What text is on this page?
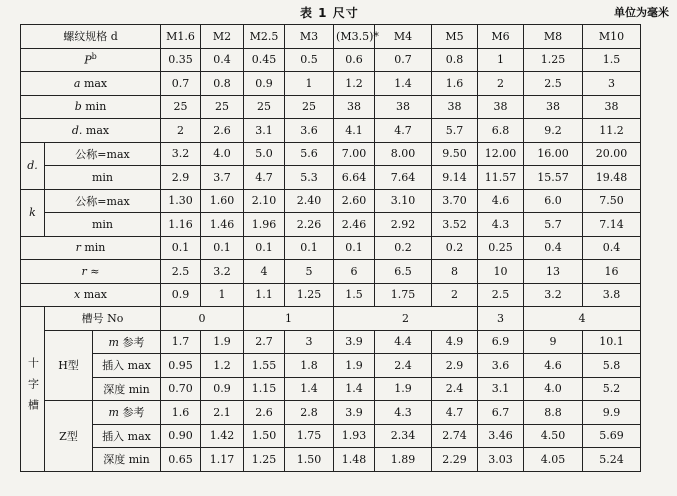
表 1 尺寸	单位为毫米
螺纹规格 d			M1.6	M2	M2.5	M3	(M3.5)*	M4	M5	M6	M8	M10
$P^b$			0.35	0.4	0.45	0.5	0.6	0.7	0.8	1	1.25	1.5
a max			0.7	0.8	0.9	1	1.2	1.4	1.6	2	2.5	3
b min			25	25	25	25	38	38	38	38	38	38
d. max			2	2.6	3.1	3.6	4.1	4.7	5.7	6.8	9.2	11.2
d.	公称=max		3.2	4.0	5.0	5.6	7.00	8.00	9.50	12.00	16.00	20.00
	min		2.9	3.7	4.7	5.3	6.64	7.64	9.14	11.57	15.57	19.48
k	公称=max		1.30	1.60	2.10	2.40	2.60	3.10	3.70	4.6	6.0	7.50
	min		1.16	1.46	1.96	2.26	2.46	2.92	3.52	4.3	5.7	7.14
r min			0.1	0.1	0.1	0.1	0.1	0.2	0.2	0.25	0.4	0.4
r ≈			2.5	3.2	4	5	6	6.5	8	10	13	16
x max			0.9	1	1.1	1.25	1.5	1.75	2	2.5	3.2	3.8
十字槽	槽号 No		0		1		2			3	4	
	H型	m 参考	1.7	1.9	2.7	3	3.9	4.4	4.9	6.9	9	10.1
		插入 max	0.95	1.2	1.55	1.8	1.9	2.4	2.9	3.6	4.6	5.8
		深度 min	0.70	0.9	1.15	1.4	1.4	1.9	2.4	3.1	4.0	5.2
	Z型	m 参考	1.6	2.1	2.6	2.8	3.9	4.3	4.7	6.7	8.8	9.9
		插入 max	0.90	1.42	1.50	1.75	1.93	2.34	2.74	3.46	4.50	5.69
		深度 min	0.65	1.17	1.25	1.50	1.48	1.89	2.29	3.03	4.05	5.24
